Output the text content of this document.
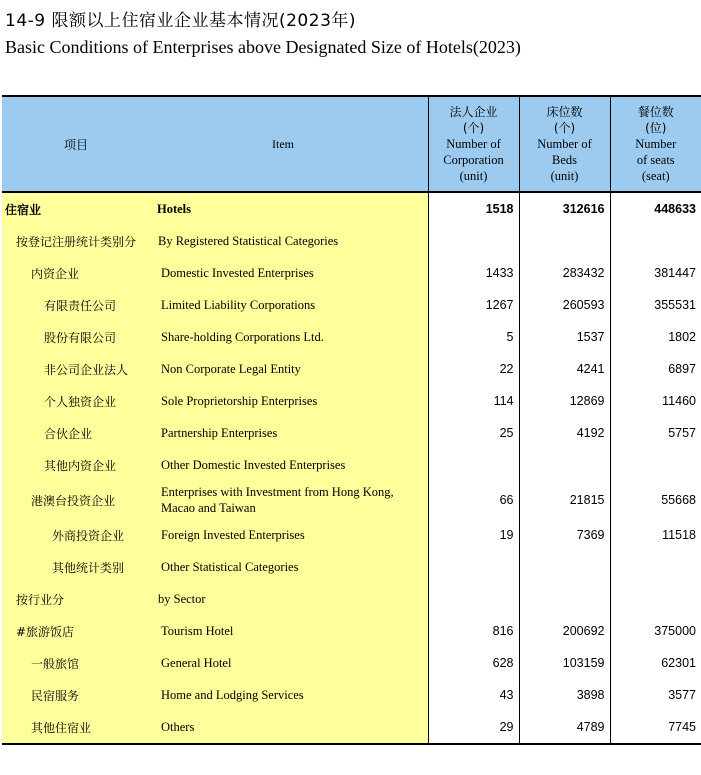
14-9 限额以上住宿业企业基本情况(2023年)
Basic Conditions of Enterprises above Designated Size of Hotels(2023)
项目	Item	法人企业
(个)
Number of
Corporation
(unit)	床位数
(个)
Number of
Beds
(unit)	餐位数
(位)
Number
of seats
(seat)

住宿业	Hotels	1518	312616	448633
按登记注册统计类别分	By Registered Statistical Categories			
内资企业	Domestic Invested Enterprises	1433	283432	381447
有限责任公司	Limited Liability Corporations	1267	260593	355531
股份有限公司	Share-holding Corporations Ltd.	5	1537	1802
非公司企业法人	Non Corporate Legal Entity	22	4241	6897
个人独资企业	Sole Proprietorship Enterprises	114	12869	11460
合伙企业	Partnership Enterprises	25	4192	5757
其他内资企业	Other Domestic Invested Enterprises			
港澳台投资企业	Enterprises with Investment from Hong Kong, Macao and Taiwan	66	21815	55668
外商投资企业	Foreign Invested Enterprises	19	7369	11518
其他统计类别	Other Statistical Categories			
按行业分	by Sector			
#旅游饭店	Tourism Hotel	816	200692	375000
一般旅馆	General Hotel	628	103159	62301
民宿服务	Home and Lodging Services	43	3898	3577
其他住宿业	Others	29	4789	7745
